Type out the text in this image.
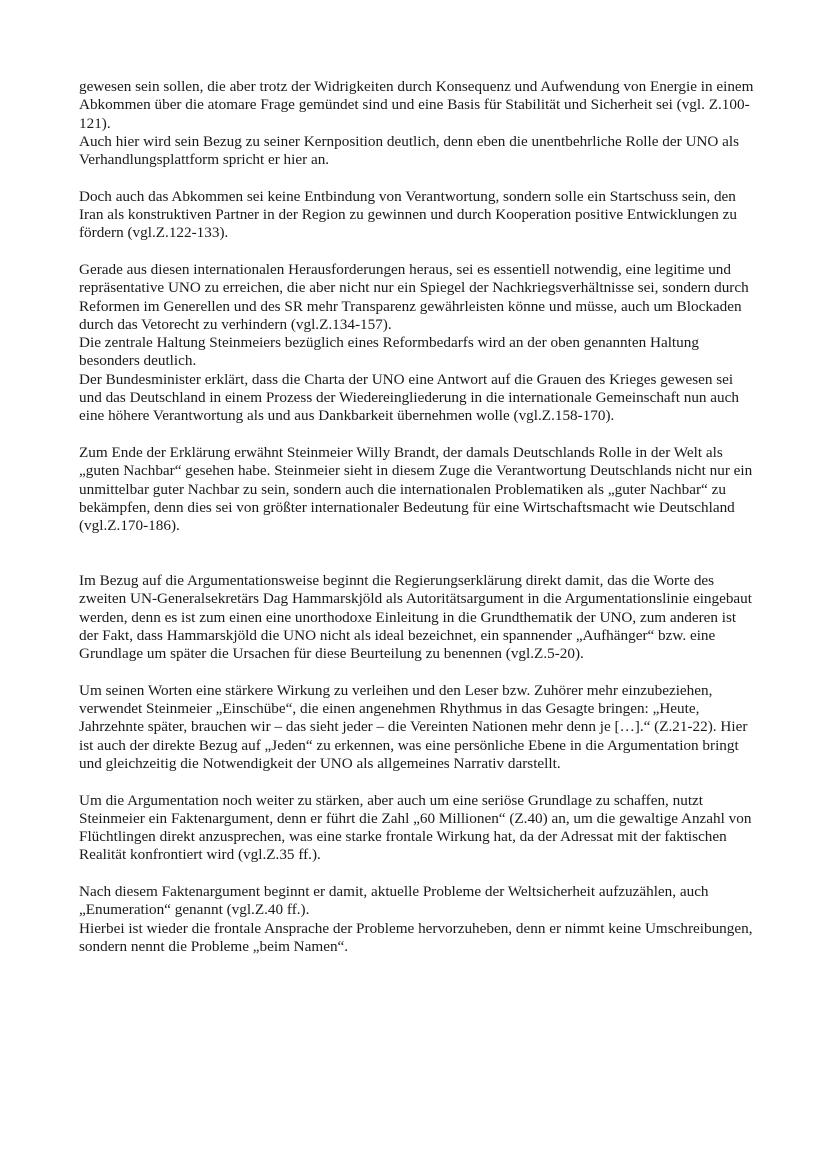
gewesen sein sollen, die aber trotz der Widrigkeiten durch Konsequenz und Aufwendung von Energie in einem Abkommen über die atomare Frage gemündet sind und eine Basis für Stabilität und Sicherheit sei (vgl. Z.100-121).

Auch hier wird sein Bezug zu seiner Kernposition deutlich, denn eben die unentbehrliche Rolle der UNO als Verhandlungsplattform spricht er hier an.

Doch auch das Abkommen sei keine Entbindung von Verantwortung, sondern solle ein Startschuss sein, den Iran als konstruktiven Partner in der Region zu gewinnen und durch Kooperation positive Entwicklungen zu fördern (vgl.Z.122-133).

Gerade aus diesen internationalen Herausforderungen heraus, sei es essentiell notwendig, eine legitime und repräsentative UNO zu erreichen, die aber nicht nur ein Spiegel der Nachkriegsverhältnisse sei, sondern durch Reformen im Generellen und des SR mehr Transparenz gewährleisten könne und müsse, auch um Blockaden durch das Vetorecht zu verhindern (vgl.Z.134-157).

Die zentrale Haltung Steinmeiers bezüglich eines Reformbedarfs wird an der oben genannten Haltung besonders deutlich.

Der Bundesminister erklärt, dass die Charta der UNO eine Antwort auf die Grauen des Krieges gewesen sei und das Deutschland in einem Prozess der Wiedereingliederung in die internationale Gemeinschaft nun auch eine höhere Verantwortung als und aus Dankbarkeit übernehmen wolle (vgl.Z.158-170).

Zum Ende der Erklärung erwähnt Steinmeier Willy Brandt, der damals Deutschlands Rolle in der Welt als „guten Nachbar“ gesehen habe. Steinmeier sieht in diesem Zuge die Verantwortung Deutschlands nicht nur ein unmittelbar guter Nachbar zu sein, sondern auch die internationalen Problematiken als „guter Nachbar“ zu bekämpfen, denn dies sei von größter internationaler Bedeutung für eine Wirtschaftsmacht wie Deutschland (vgl.Z.170-186).

Im Bezug auf die Argumentationsweise beginnt die Regierungserklärung direkt damit, das die Worte des zweiten UN-Generalsekretärs Dag Hammarskjöld als Autoritätsargument in die Argumentationslinie eingebaut werden, denn es ist zum einen eine unorthodoxe Einleitung in die Grundthematik der UNO, zum anderen ist der Fakt, dass Hammarskjöld die UNO nicht als ideal bezeichnet, ein spannender „Aufhänger“ bzw. eine Grundlage um später die Ursachen für diese Beurteilung zu benennen (vgl.Z.5-20).

Um seinen Worten eine stärkere Wirkung zu verleihen und den Leser bzw. Zuhörer mehr einzubeziehen, verwendet Steinmeier „Einschübe“, die einen angenehmen Rhythmus in das Gesagte bringen: „Heute, Jahrzehnte später, brauchen wir – das sieht jeder – die Vereinten Nationen mehr denn je […].“ (Z.21-22). Hier ist auch der direkte Bezug auf „Jeden“ zu erkennen, was eine persönliche Ebene in die Argumentation bringt und gleichzeitig die Notwendigkeit der UNO als allgemeines Narrativ darstellt.

Um die Argumentation noch weiter zu stärken, aber auch um eine seriöse Grundlage zu schaffen, nutzt Steinmeier ein Faktenargument, denn er führt die Zahl „60 Millionen“ (Z.40) an, um die gewaltige Anzahl von Flüchtlingen direkt anzusprechen, was eine starke frontale Wirkung hat, da der Adressat mit der faktischen Realität konfrontiert wird (vgl.Z.35 ff.).

Nach diesem Faktenargument beginnt er damit, aktuelle Probleme der Weltsicherheit aufzuzählen, auch „Enumeration“ genannt (vgl.Z.40 ff.).

Hierbei ist wieder die frontale Ansprache der Probleme hervorzuheben, denn er nimmt keine Umschreibungen, sondern nennt die Probleme „beim Namen“.
